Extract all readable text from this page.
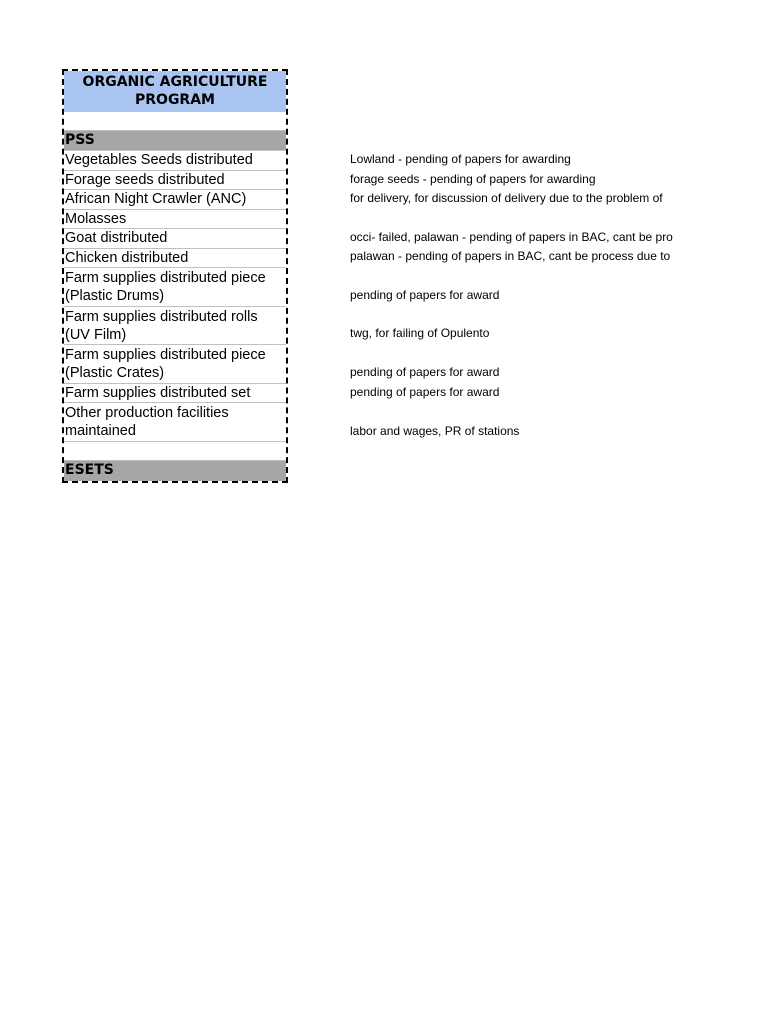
ORGANIC AGRICULTURE PROGRAM
PSS
Vegetables Seeds distributed
Forage seeds distributed
African Night Crawler (ANC)
Molasses
Goat distributed
Chicken distributed
Farm supplies distributed piece (Plastic Drums)
Farm supplies distributed rolls (UV Film)
Farm supplies distributed piece (Plastic Crates)
Farm supplies distributed set
Other production facilities maintained
ESETS
Lowland - pending of papers for awarding
forage seeds - pending of papers for awarding
for delivery, for discussion of delivery due to the problem of
occi- failed, palawan - pending of papers in BAC, cant be pro
palawan - pending of papers in BAC, cant be process due to
pending of papers for award
twg, for failing of Opulento
pending of papers for award
pending of papers for award
labor and wages, PR of stations
